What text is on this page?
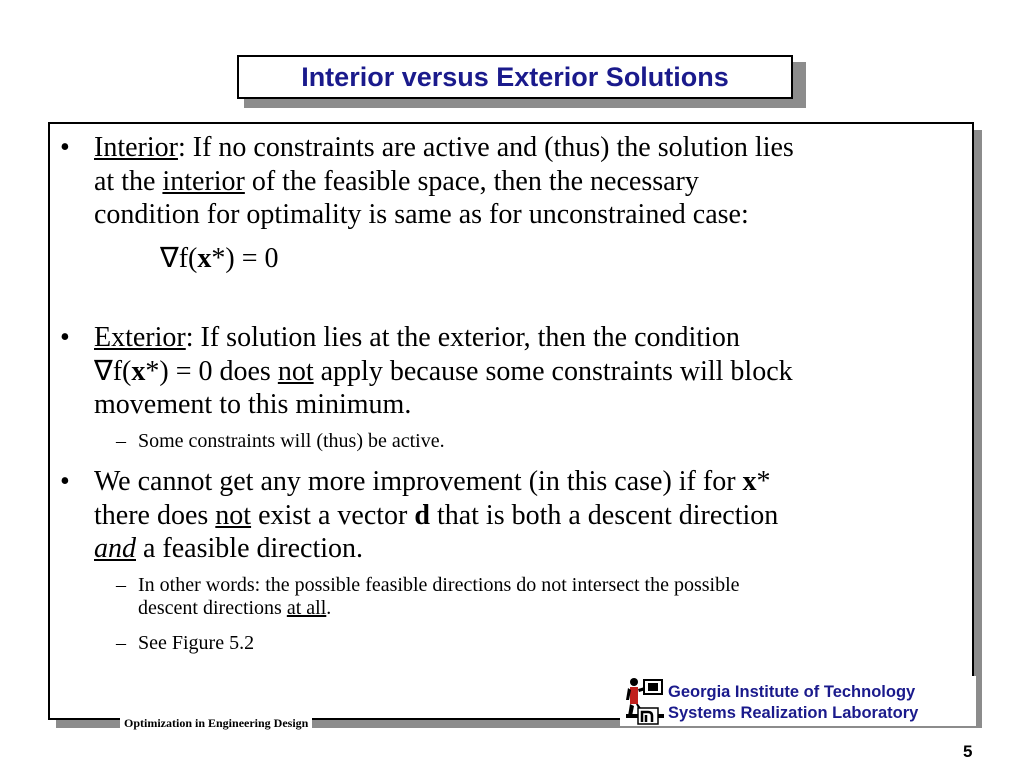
Interior versus Exterior Solutions
• Interior: If no constraints are active and (thus) the solution lies
at the interior of the feasible space, then the necessary
condition for optimality is same as for unconstrained case:
∇f(x*) = 0
• Exterior: If solution lies at the exterior, then the condition
∇f(x*) = 0 does not apply because some constraints will block
movement to this minimum.
– Some constraints will (thus) be active.
• We cannot get any more improvement (in this case) if for x*
there does not exist a vector d that is both a descent direction
and a feasible direction.
– In other words: the possible feasible directions do not intersect the possible
descent directions at all.
– See Figure 5.2
Optimization in Engineering Design
Georgia Institute of Technology
Systems Realization Laboratory
5
